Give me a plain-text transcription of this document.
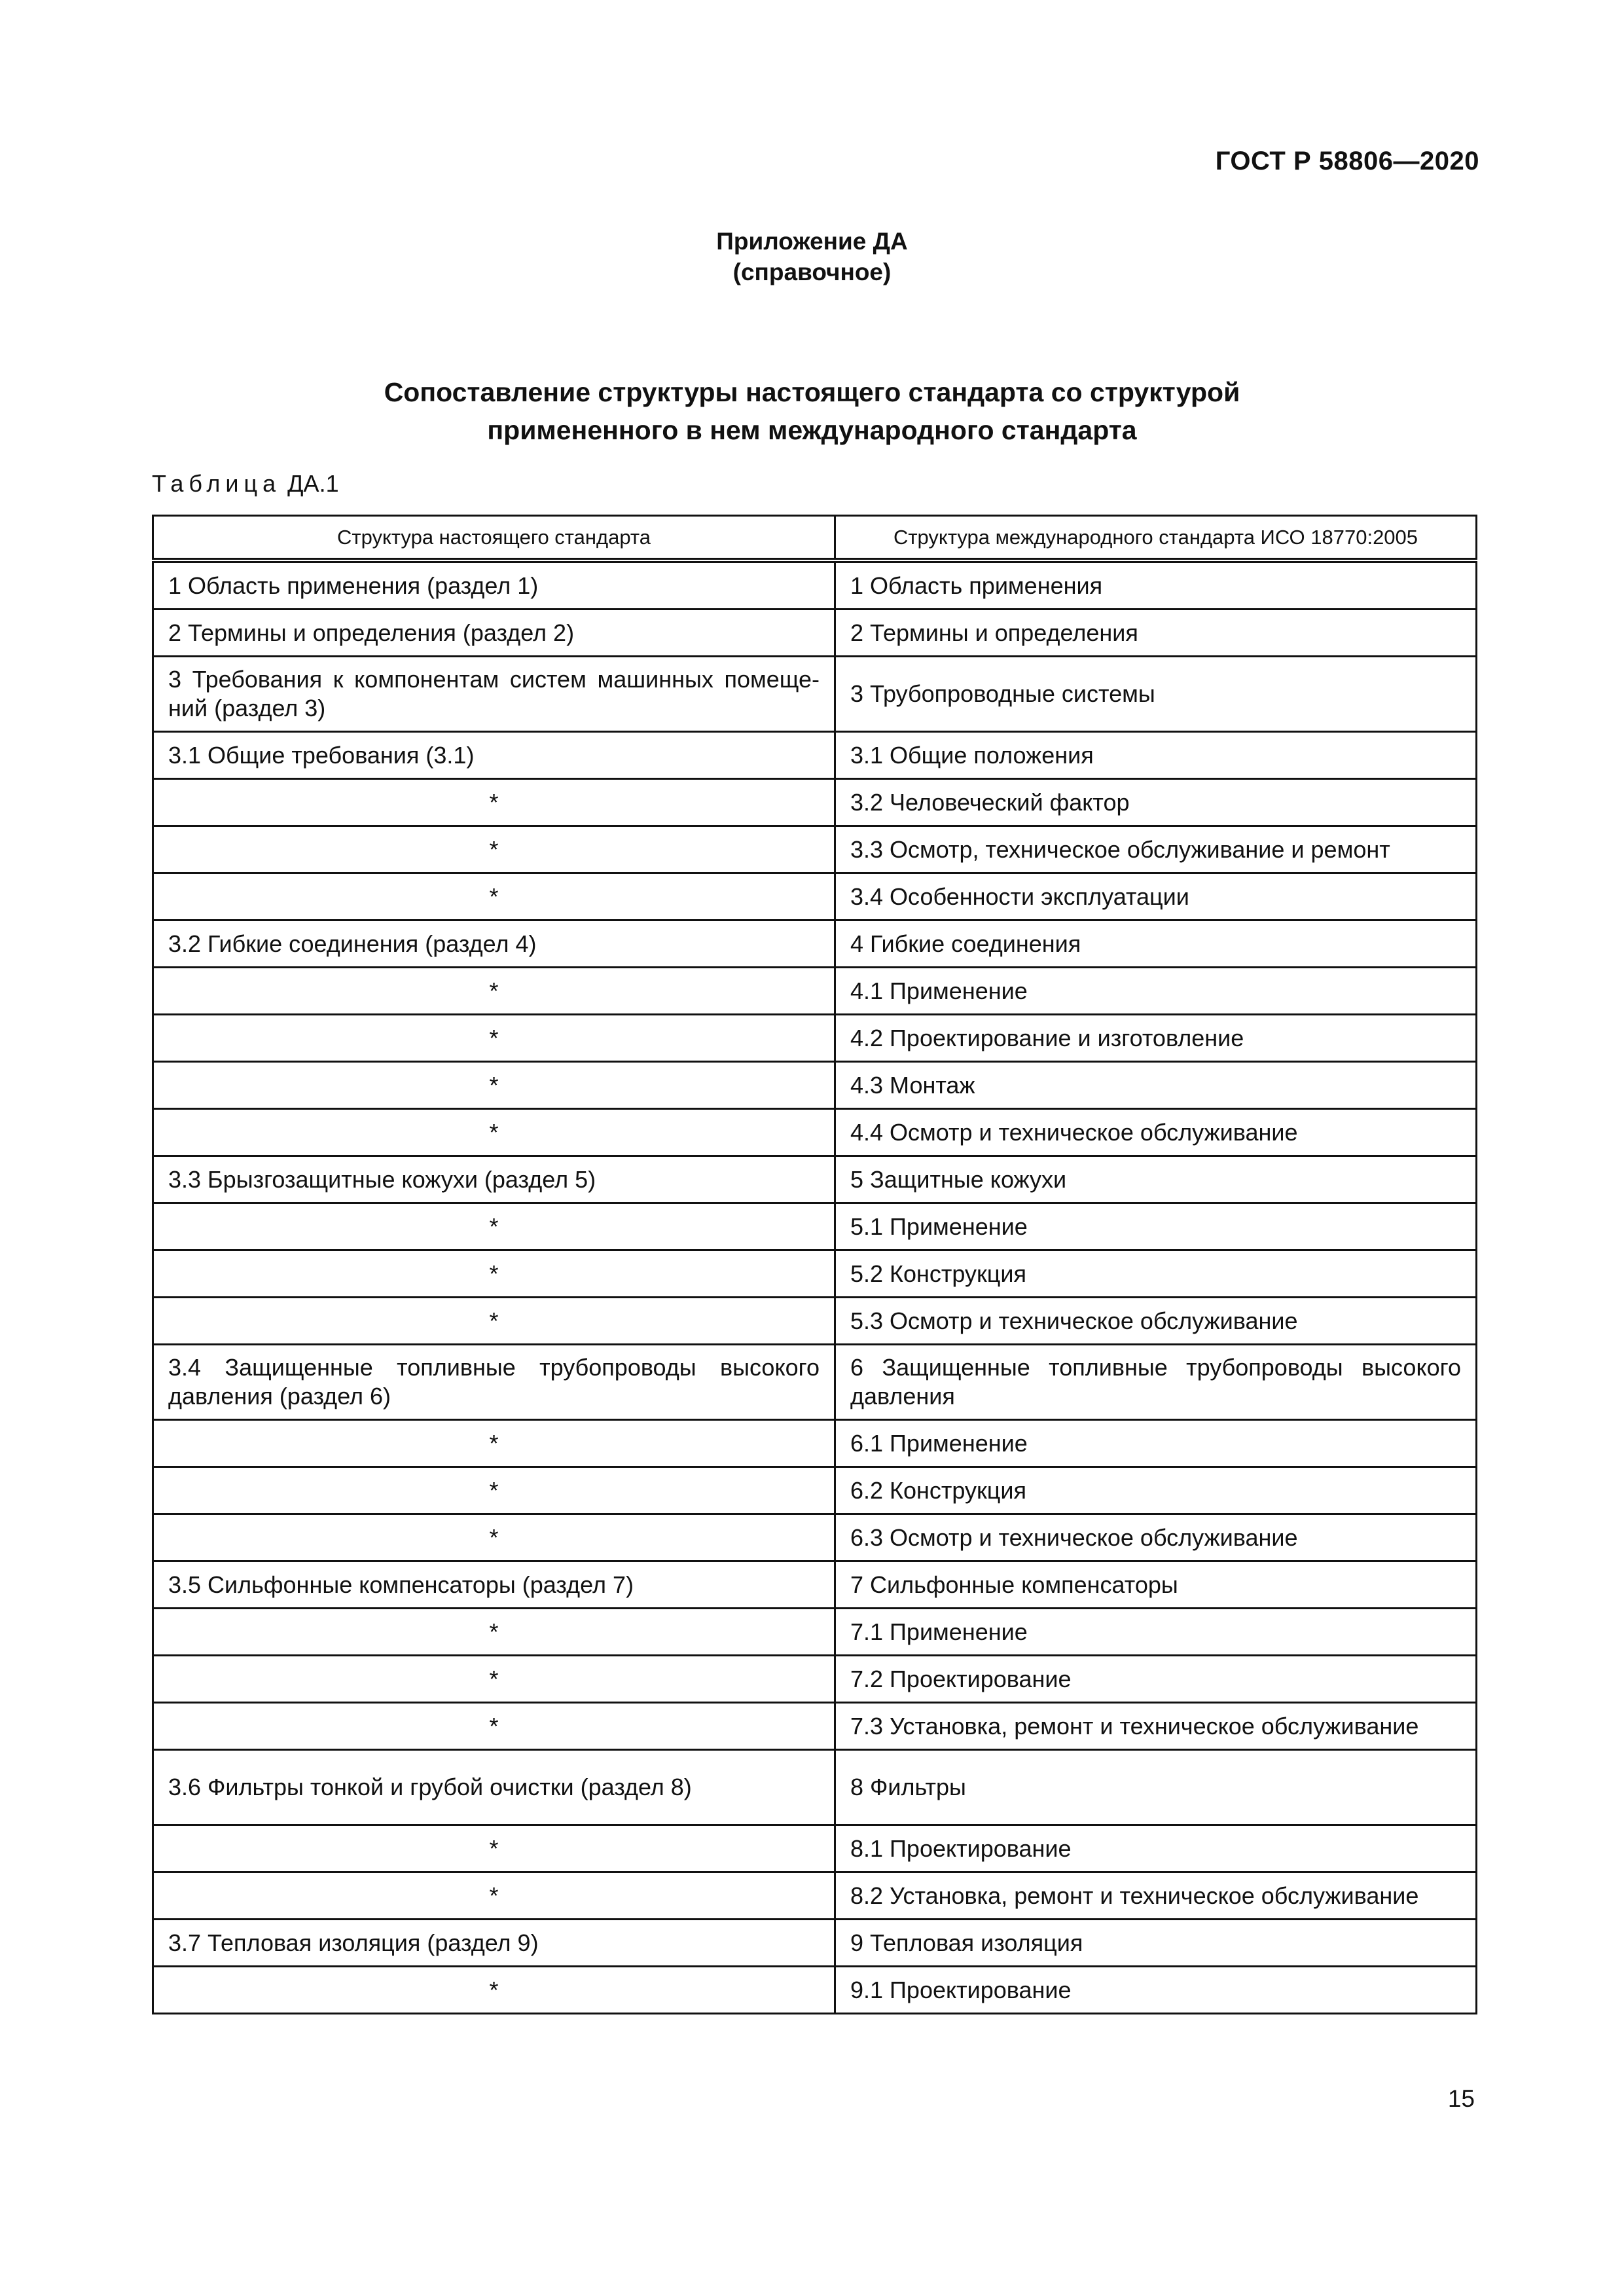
ГОСТ Р 58806—2020
Приложение ДА
(справочное)
Сопоставление структуры настоящего стандарта со структурой
примененного в нем международного стандарта
Таблица ДА.1
Структура настоящего стандарта	Структура международного стандарта ИСО 18770:2005
1 Область применения (раздел 1)	1 Область применения
2 Термины и определения (раздел 2)	2 Термины и определения
3 Требования к компонентам систем машинных помеще-ний (раздел 3)	3 Трубопроводные системы
3.1 Общие требования (3.1)	3.1 Общие положения
*	3.2 Человеческий фактор
*	3.3 Осмотр, техническое обслуживание и ремонт
*	3.4 Особенности эксплуатации
3.2 Гибкие соединения (раздел 4)	4 Гибкие соединения
*	4.1 Применение
*	4.2 Проектирование и изготовление
*	4.3 Монтаж
*	4.4 Осмотр и техническое обслуживание
3.3 Брызгозащитные кожухи (раздел 5)	5 Защитные кожухи
*	5.1 Применение
*	5.2 Конструкция
*	5.3 Осмотр и техническое обслуживание
3.4 Защищенные топливные трубопроводы высокого давления (раздел 6)	6 Защищенные топливные трубопроводы высокого давления
*	6.1 Применение
*	6.2 Конструкция
*	6.3 Осмотр и техническое обслуживание
3.5 Сильфонные компенсаторы (раздел 7)	7 Сильфонные компенсаторы
*	7.1 Применение
*	7.2 Проектирование
*	7.3 Установка, ремонт и техническое обслуживание
3.6 Фильтры тонкой и грубой очистки (раздел 8)	8 Фильтры
*	8.1 Проектирование
*	8.2 Установка, ремонт и техническое обслуживание
3.7 Тепловая изоляция (раздел 9)	9 Тепловая изоляция
*	9.1 Проектирование
15
